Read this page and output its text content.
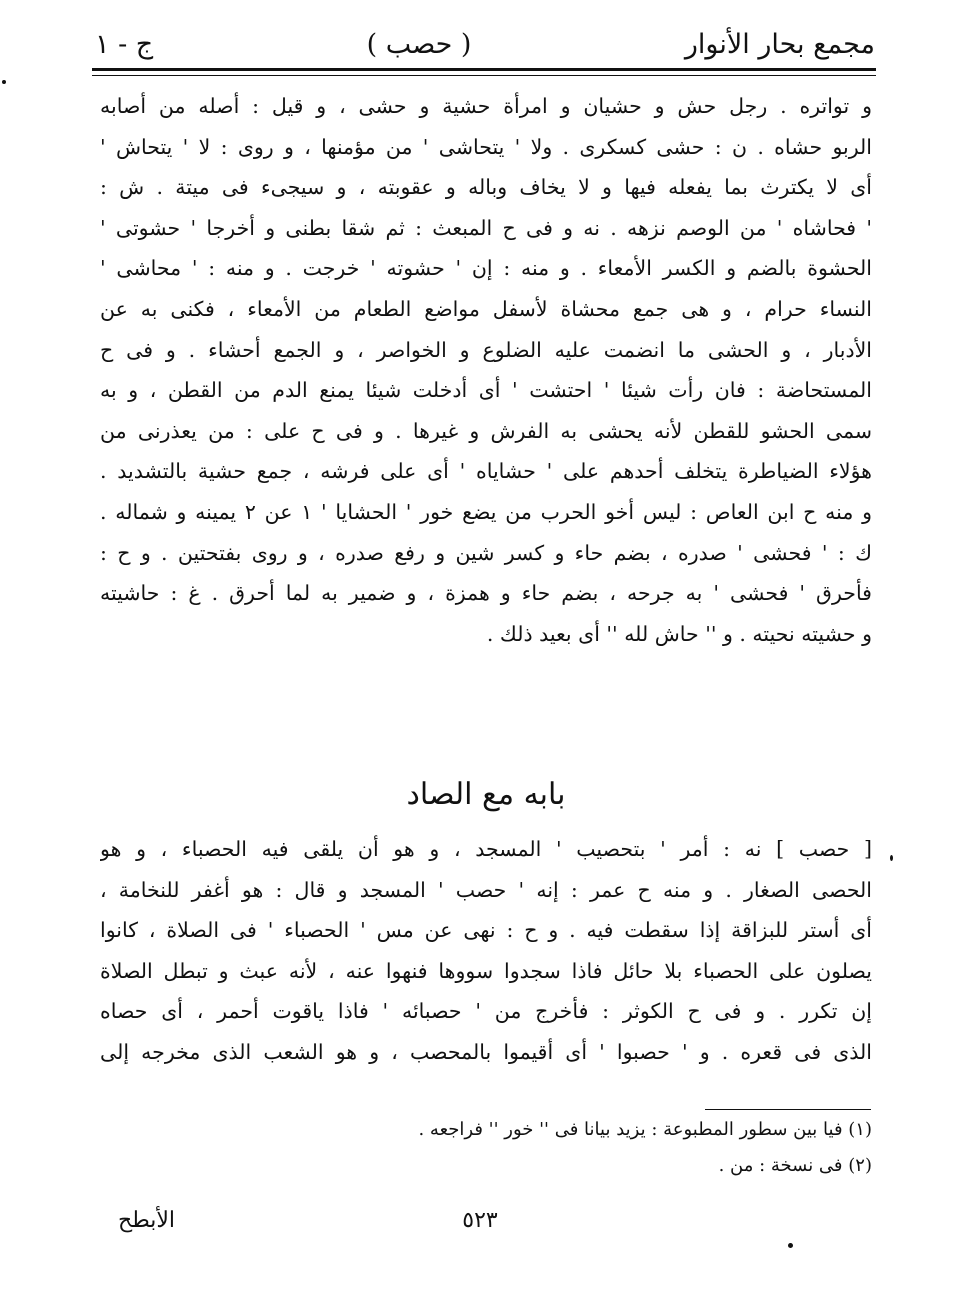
مجمع بحار الأنوار
( حصب )
ج - ١
و تواتره . رجل حش و حشيان و امرأة حشية و حشى ، و قيل : أصله من أصابه
الربو حشاه . ن : حشى كسكرى . ولا ' يتحاشى ' من مؤمنها ، و روى : لا ' يتحاش '
أى لا يكترث بما يفعله فيها و لا يخاف وباله و عقوبته ، و سيجىء فى ميتة . ش :
' فحاشاه ' من الوصم نزهه . نه و فى ح المبعث : ثم شقا بطنى و أخرجا ' حشوتى '
الحشوة بالضم و الكسر الأمعاء . و منه : إن ' حشوته ' خرجت . و منه : ' محاشى '
النساء حرام ، و هى جمع محشاة لأسفل مواضع الطعام من الأمعاء ، فكنى به عن
الأدبار ، و الحشى ما انضمت عليه الضلوع و الخواصر ، و الجمع أحشاء . و فى ح
المستحاضة : فان رأت شيئا ' احتشت ' أى أدخلت شيئا يمنع الدم من القطن ، و به
سمى الحشو للقطن لأنه يحشى به الفرش و غيرها . و فى ح على : من يعذرنى من
هؤلاء الضياطرة يتخلف أحدهم على ' حشاياه ' أى على فرشه ، جمع حشية بالتشديد .
و منه ح ابن العاص : ليس أخو الحرب من يضع خور ' الحشايا ' ١ عن ٢ يمينه و شماله .
ك : ' فحشى ' صدره ، بضم حاء و كسر شين و رفع صدره ، و روى بفتحتين . و ح :
فأحرق ' فحشى ' به جرحه ، بضم حاء و همزة ، و ضمير به لما أحرق . غ : حاشيته
و حشيته نحيته . و '' حاش لله '' أى بعيد ذلك .
بابه مع الصاد
[ حصب ] نه : أمر ' بتحصيب ' المسجد ، و هو أن يلقى فيه الحصباء ، و هو
الحصى الصغار . و منه ح عمر : إنه ' حصب ' المسجد و قال : هو أغفر للنخامة ،
أى أستر للبزاقة إذا سقطت فيه . و ح : نهى عن مس ' الحصباء ' فى الصلاة ، كانوا
يصلون على الحصباء بلا حائل فاذا سجدوا سووها فنهوا عنه ، لأنه عبث و تبطل الصلاة
إن تكرر . و فى ح الكوثر : فأخرج من ' حصبائه ' فاذا ياقوت أحمر ، أى حصاه
الذى فى قعره . و ' حصبوا ' أى أقيموا بالمحصب ، و هو الشعب الذى مخرجه إلى
(١) فيا بين سطور المطبوعة : يزيد بيانا فى '' خور '' فراجعه .
(٢) فى نسخة : من .
الأبطح	٥٢٣
